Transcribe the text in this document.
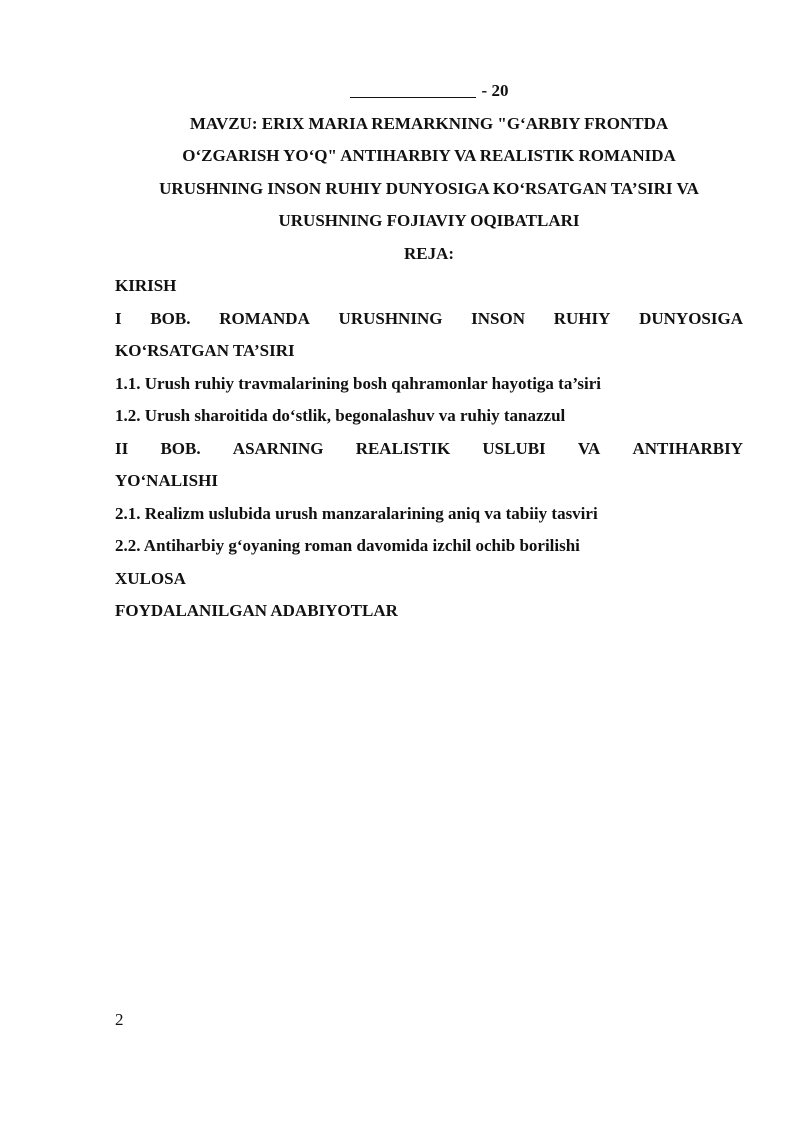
- 20
MAVZU: ERIX MARIA REMARKNING "G‘ARBIY FRONTDA
O‘ZGARISH YO‘Q" ANTIHARBIY VA REALISTIK ROMANIDA
URUSHNING INSON RUHIY DUNYOSIGA KO‘RSATGAN TA’SIRI VA
URUSHNING FOJIAVIY OQIBATLARI
REJA:
KIRISH
I BOB. ROMANDA URUSHNING INSON RUHIY DUNYOSIGA
KO‘RSATGAN TA’SIRI
1.1. Urush ruhiy travmalarining bosh qahramonlar hayotiga ta’siri
1.2. Urush sharoitida do‘stlik, begonalashuv va ruhiy tanazzul
II BOB. ASARNING REALISTIK USLUBI VA ANTIHARBIY
YO‘NALISHI
2.1. Realizm uslubida urush manzaralarining aniq va tabiiy tasviri
2.2. Antiharbiy g‘oyaning roman davomida izchil ochib borilishi
XULOSA
FOYDALANILGAN ADABIYOTLAR
2
